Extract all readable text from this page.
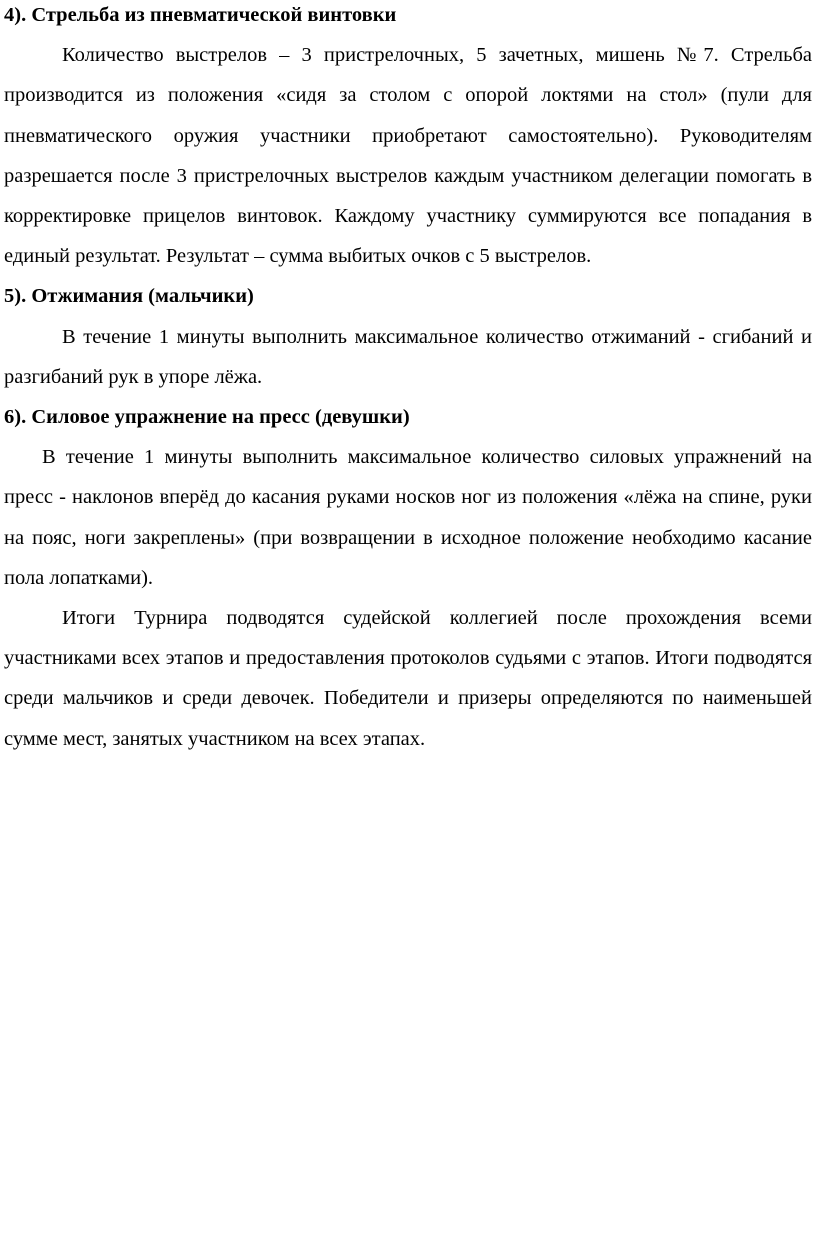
4). Стрельба из пневматической винтовки

Количество выстрелов – 3 пристрелочных, 5 зачетных, мишень №7. Стрельба производится из положения «сидя за столом с опорой локтями на стол» (пули для пневматического оружия участники приобретают самостоятельно). Руководителям разрешается после 3 пристрелочных выстрелов каждым участником делегации помогать в корректировке прицелов винтовок. Каждому участнику суммируются все попадания в единый результат. Результат – сумма выбитых очков с 5 выстрелов.

5). Отжимания (мальчики)

В течение 1 минуты выполнить максимальное количество отжиманий - сгибаний и разгибаний рук в упоре лёжа.

6). Силовое упражнение на пресс (девушки)

В течение 1 минуты выполнить максимальное количество силовых упражнений на пресс - наклонов вперёд до касания руками носков ног из положения «лёжа на спине, руки на пояс, ноги закреплены» (при возвращении в исходное положение необходимо касание пола лопатками).

Итоги Турнира подводятся судейской коллегией после прохождения всеми участниками всех этапов и предоставления протоколов судьями с этапов. Итоги подводятся среди мальчиков и среди девочек. Победители и призеры определяются по наименьшей сумме мест, занятых участником на всех этапах.
